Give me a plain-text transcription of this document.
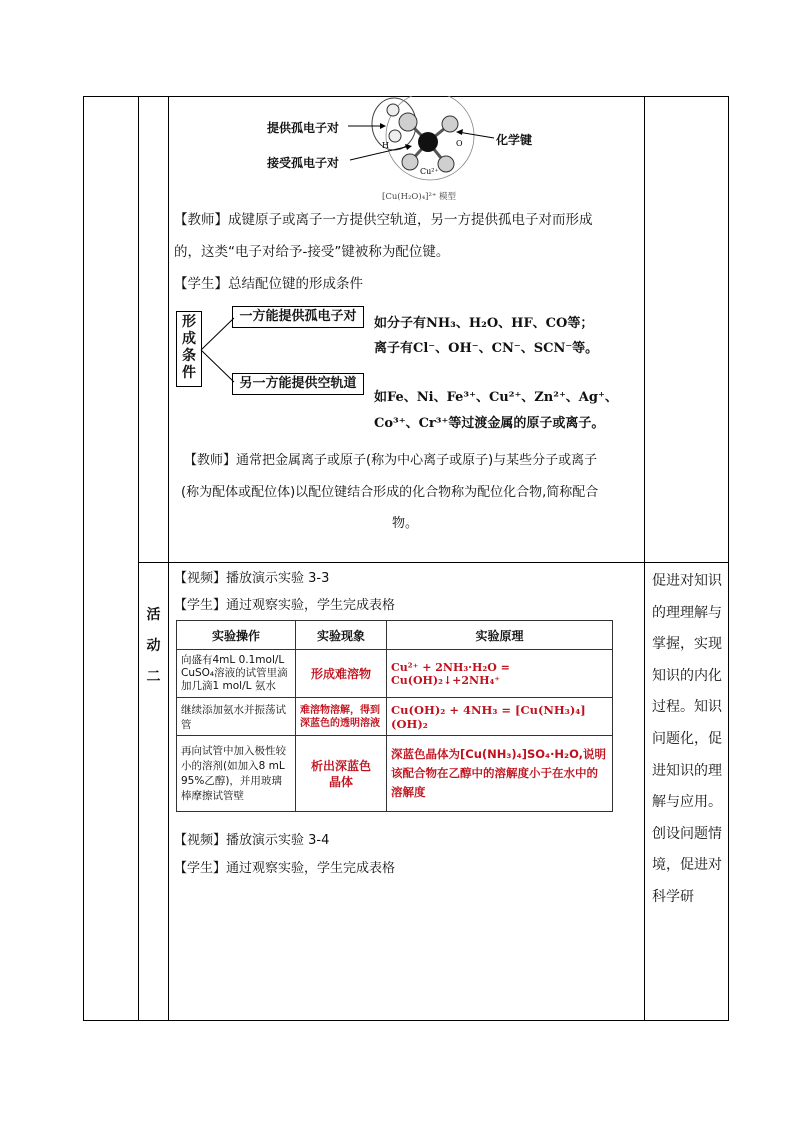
H	O
Cu²⁺
[Cu(H₂O)₄]²⁺ 模型
提供孤电子对
接受孤电子对
化学键
【教师】成键原子或离子一方提供空轨道，另一方提供孤电子对而形成
的，这类“电子对给予-接受”键被称为配位键。
【学生】总结配位键的形成条件
形
成
条
件
一方能提供孤电子对
另一方能提供空轨道
如分子有NH₃、H₂O、HF、CO等；
离子有Cl⁻、OH⁻、CN⁻、SCN⁻等。
如Fe、Ni、Fe³⁺、Cu²⁺、Zn²⁺、Ag⁺、
Co³⁺、Cr³⁺等过渡金属的原子或离子。
【教师】通常把金属离子或原子(称为中心离子或原子)与某些分子或离子
(称为配体或配位体)以配位键结合形成的化合物称为配位化合物,简称配合
物。
活
动
二
【视频】播放演示实验 3-3
【学生】通过观察实验，学生完成表格
实验操作	实验现象	实验原理
向盛有4mL 0.1mol/L CuSO₄溶液的试管里滴加几滴1 mol/L 氨水	形成难溶物	Cu²⁺ + 2NH₃·H₂O = Cu(OH)₂↓+2NH₄⁺
继续添加氨水并振荡试管	难溶物溶解，得到深蓝色的透明溶液	Cu(OH)₂ + 4NH₃ = [Cu(NH₃)₄](OH)₂
再向试管中加入极性较小的溶剂(如加入8 mL 95%乙醇)，并用玻璃棒摩擦试管壁	析出深蓝色晶体	深蓝色晶体为[Cu(NH₃)₄]SO₄·H₂O,说明该配合物在乙醇中的溶解度小于在水中的溶解度
【视频】播放演示实验 3-4
【学生】通过观察实验，学生完成表格
促进对知识的理理解与掌握，实现知识的内化过程。知识问题化，促进知识的理解与应用。创设问题情境，促进对科学研
